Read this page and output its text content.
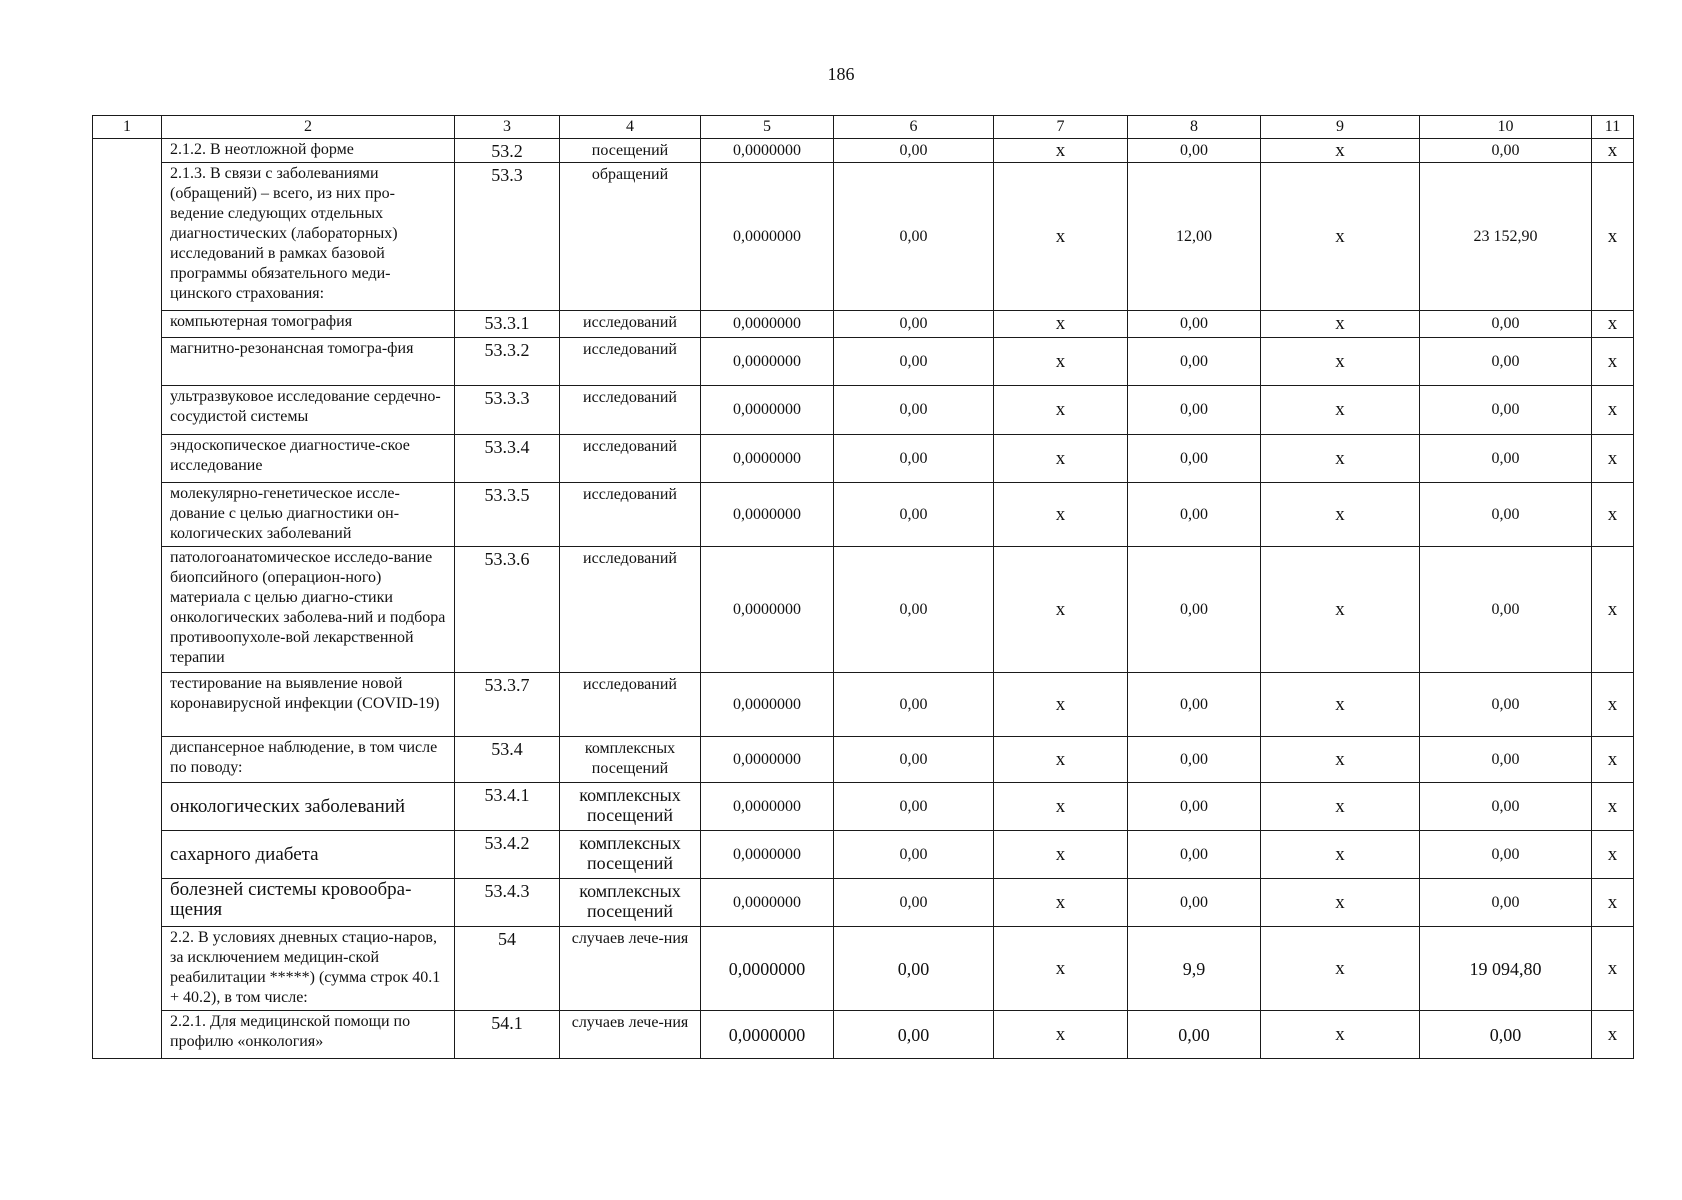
186
1	2	3	4	5	6	7	8	9	10	11
	2.1.2. В неотложной форме	53.2	посещений	0,0000000	0,00	х	0,00	х	0,00	х
	2.1.3. В связи с заболеваниями (обращений) – всего, из них про-ведение следующих отдельных диагностических (лабораторных) исследований в рамках базовой программы обязательного меди-цинского страхования:	53.3	обращений	0,0000000	0,00	х	12,00	х	23 152,90	х
	компьютерная томография	53.3.1	исследований	0,0000000	0,00	х	0,00	х	0,00	х
	магнитно-резонансная томогра-фия	53.3.2	исследований	0,0000000	0,00	х	0,00	х	0,00	х
	ультразвуковое исследование сердечно-сосудистой системы	53.3.3	исследований	0,0000000	0,00	х	0,00	х	0,00	х
	эндоскопическое диагностиче-ское исследование	53.3.4	исследований	0,0000000	0,00	х	0,00	х	0,00	х
	молекулярно-генетическое иссле-дование с целью диагностики он-кологических заболеваний	53.3.5	исследований	0,0000000	0,00	х	0,00	х	0,00	х
	патологоанатомическое исследо-вание биопсийного (операцион-ного) материала с целью диагно-стики онкологических заболева-ний и подбора противоопухоле-вой лекарственной терапии	53.3.6	исследований	0,0000000	0,00	х	0,00	х	0,00	х
	тестирование на выявление новой коронавирусной инфекции (COVID-19)	53.3.7	исследований	0,0000000	0,00	х	0,00	х	0,00	х
	диспансерное наблюдение, в том числе по поводу:	53.4	комплексных посещений	0,0000000	0,00	х	0,00	х	0,00	х
	онкологических заболеваний	53.4.1	комплексных посещений	0,0000000	0,00	х	0,00	х	0,00	х
	сахарного диабета	53.4.2	комплексных посещений	0,0000000	0,00	х	0,00	х	0,00	х
	болезней системы кровообра-щения	53.4.3	комплексных посещений	0,0000000	0,00	х	0,00	х	0,00	х
	2.2. В условиях дневных стацио-наров, за исключением медицин-ской реабилитации *****) (сумма строк 40.1 + 40.2), в том числе:	54	случаев лече-ния	0,0000000	0,00	х	9,9	х	19 094,80	х
	2.2.1. Для медицинской помощи по профилю «онкология»	54.1	случаев лече-ния	0,0000000	0,00	х	0,00	х	0,00	х
